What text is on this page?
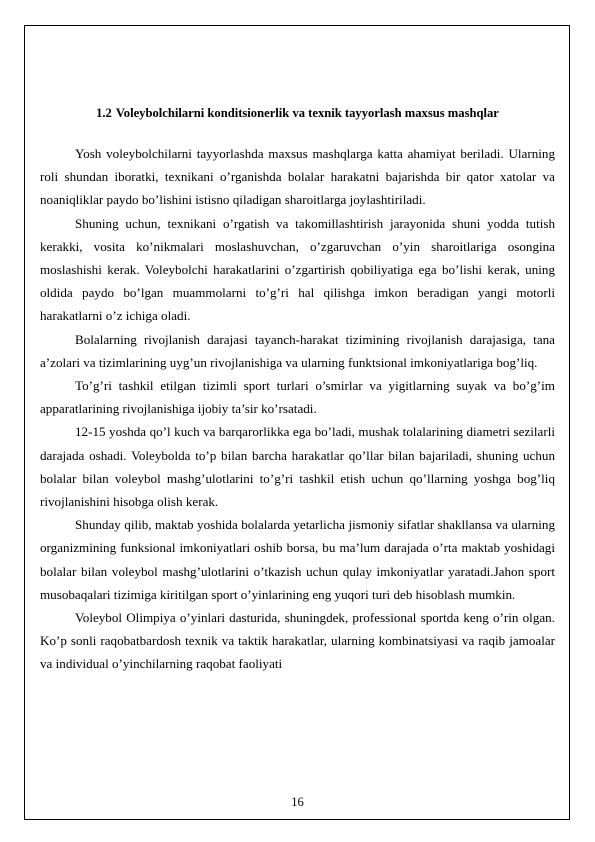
1.2 Voleybolchilarni konditsionerlik va texnik tayyorlash maxsus mashqlar

Yosh voleybolchilarni tayyorlashda maxsus mashqlarga katta ahamiyat beriladi. Ularning roli shundan iboratki, texnikani o’rganishda bolalar harakatni bajarishda bir qator xatolar va noaniqliklar paydo bo’lishini istisno qiladigan sharoitlarga joylashtiriladi.

Shuning uchun, texnikani o’rgatish va takomillashtirish jarayonida shuni yodda tutish kerakki, vosita ko’nikmalari moslashuvchan, o’zgaruvchan o’yin sharoitlariga osongina moslashishi kerak. Voleybolchi harakatlarini o’zgartirish qobiliyatiga ega bo’lishi kerak, uning oldida paydo bo’lgan muammolarni to’g’ri hal qilishga imkon beradigan yangi motorli harakatlarni o’z ichiga oladi.

Bolalarning rivojlanish darajasi tayanch-harakat tizimining rivojlanish darajasiga, tana a’zolari va tizimlarining uyg’un rivojlanishiga va ularning funktsional imkoniyatlariga bog’liq.

To’g’ri tashkil etilgan tizimli sport turlari o’smirlar va yigitlarning suyak va bo’g’im apparatlarining rivojlanishiga ijobiy ta’sir ko’rsatadi.

12-15 yoshda qo’l kuch va barqarorlikka ega bo’ladi, mushak tolalarining diametri sezilarli darajada oshadi. Voleybolda to’p bilan barcha harakatlar qo’llar bilan bajariladi, shuning uchun bolalar bilan voleybol mashg’ulotlarini to’g’ri tashkil etish uchun qo’llarning yoshga bog’liq rivojlanishini hisobga olish kerak.

Shunday qilib, maktab yoshida bolalarda yetarlicha jismoniy sifatlar shakllansa va ularning organizmining funksional imkoniyatlari oshib borsa, bu ma’lum darajada o’rta maktab yoshidagi bolalar bilan voleybol mashg’ulotlarini o’tkazish uchun qulay imkoniyatlar yaratadi.Jahon sport musobaqalari tizimiga kiritilgan sport o’yinlarining eng yuqori turi deb hisoblash mumkin.

Voleybol Olimpiya o’yinlari dasturida, shuningdek, professional sportda keng o’rin olgan. Ko’p sonli raqobatbardosh texnik va taktik harakatlar, ularning kombinatsiyasi va raqib jamoalar va individual o’yinchilarning raqobat faoliyati

16
